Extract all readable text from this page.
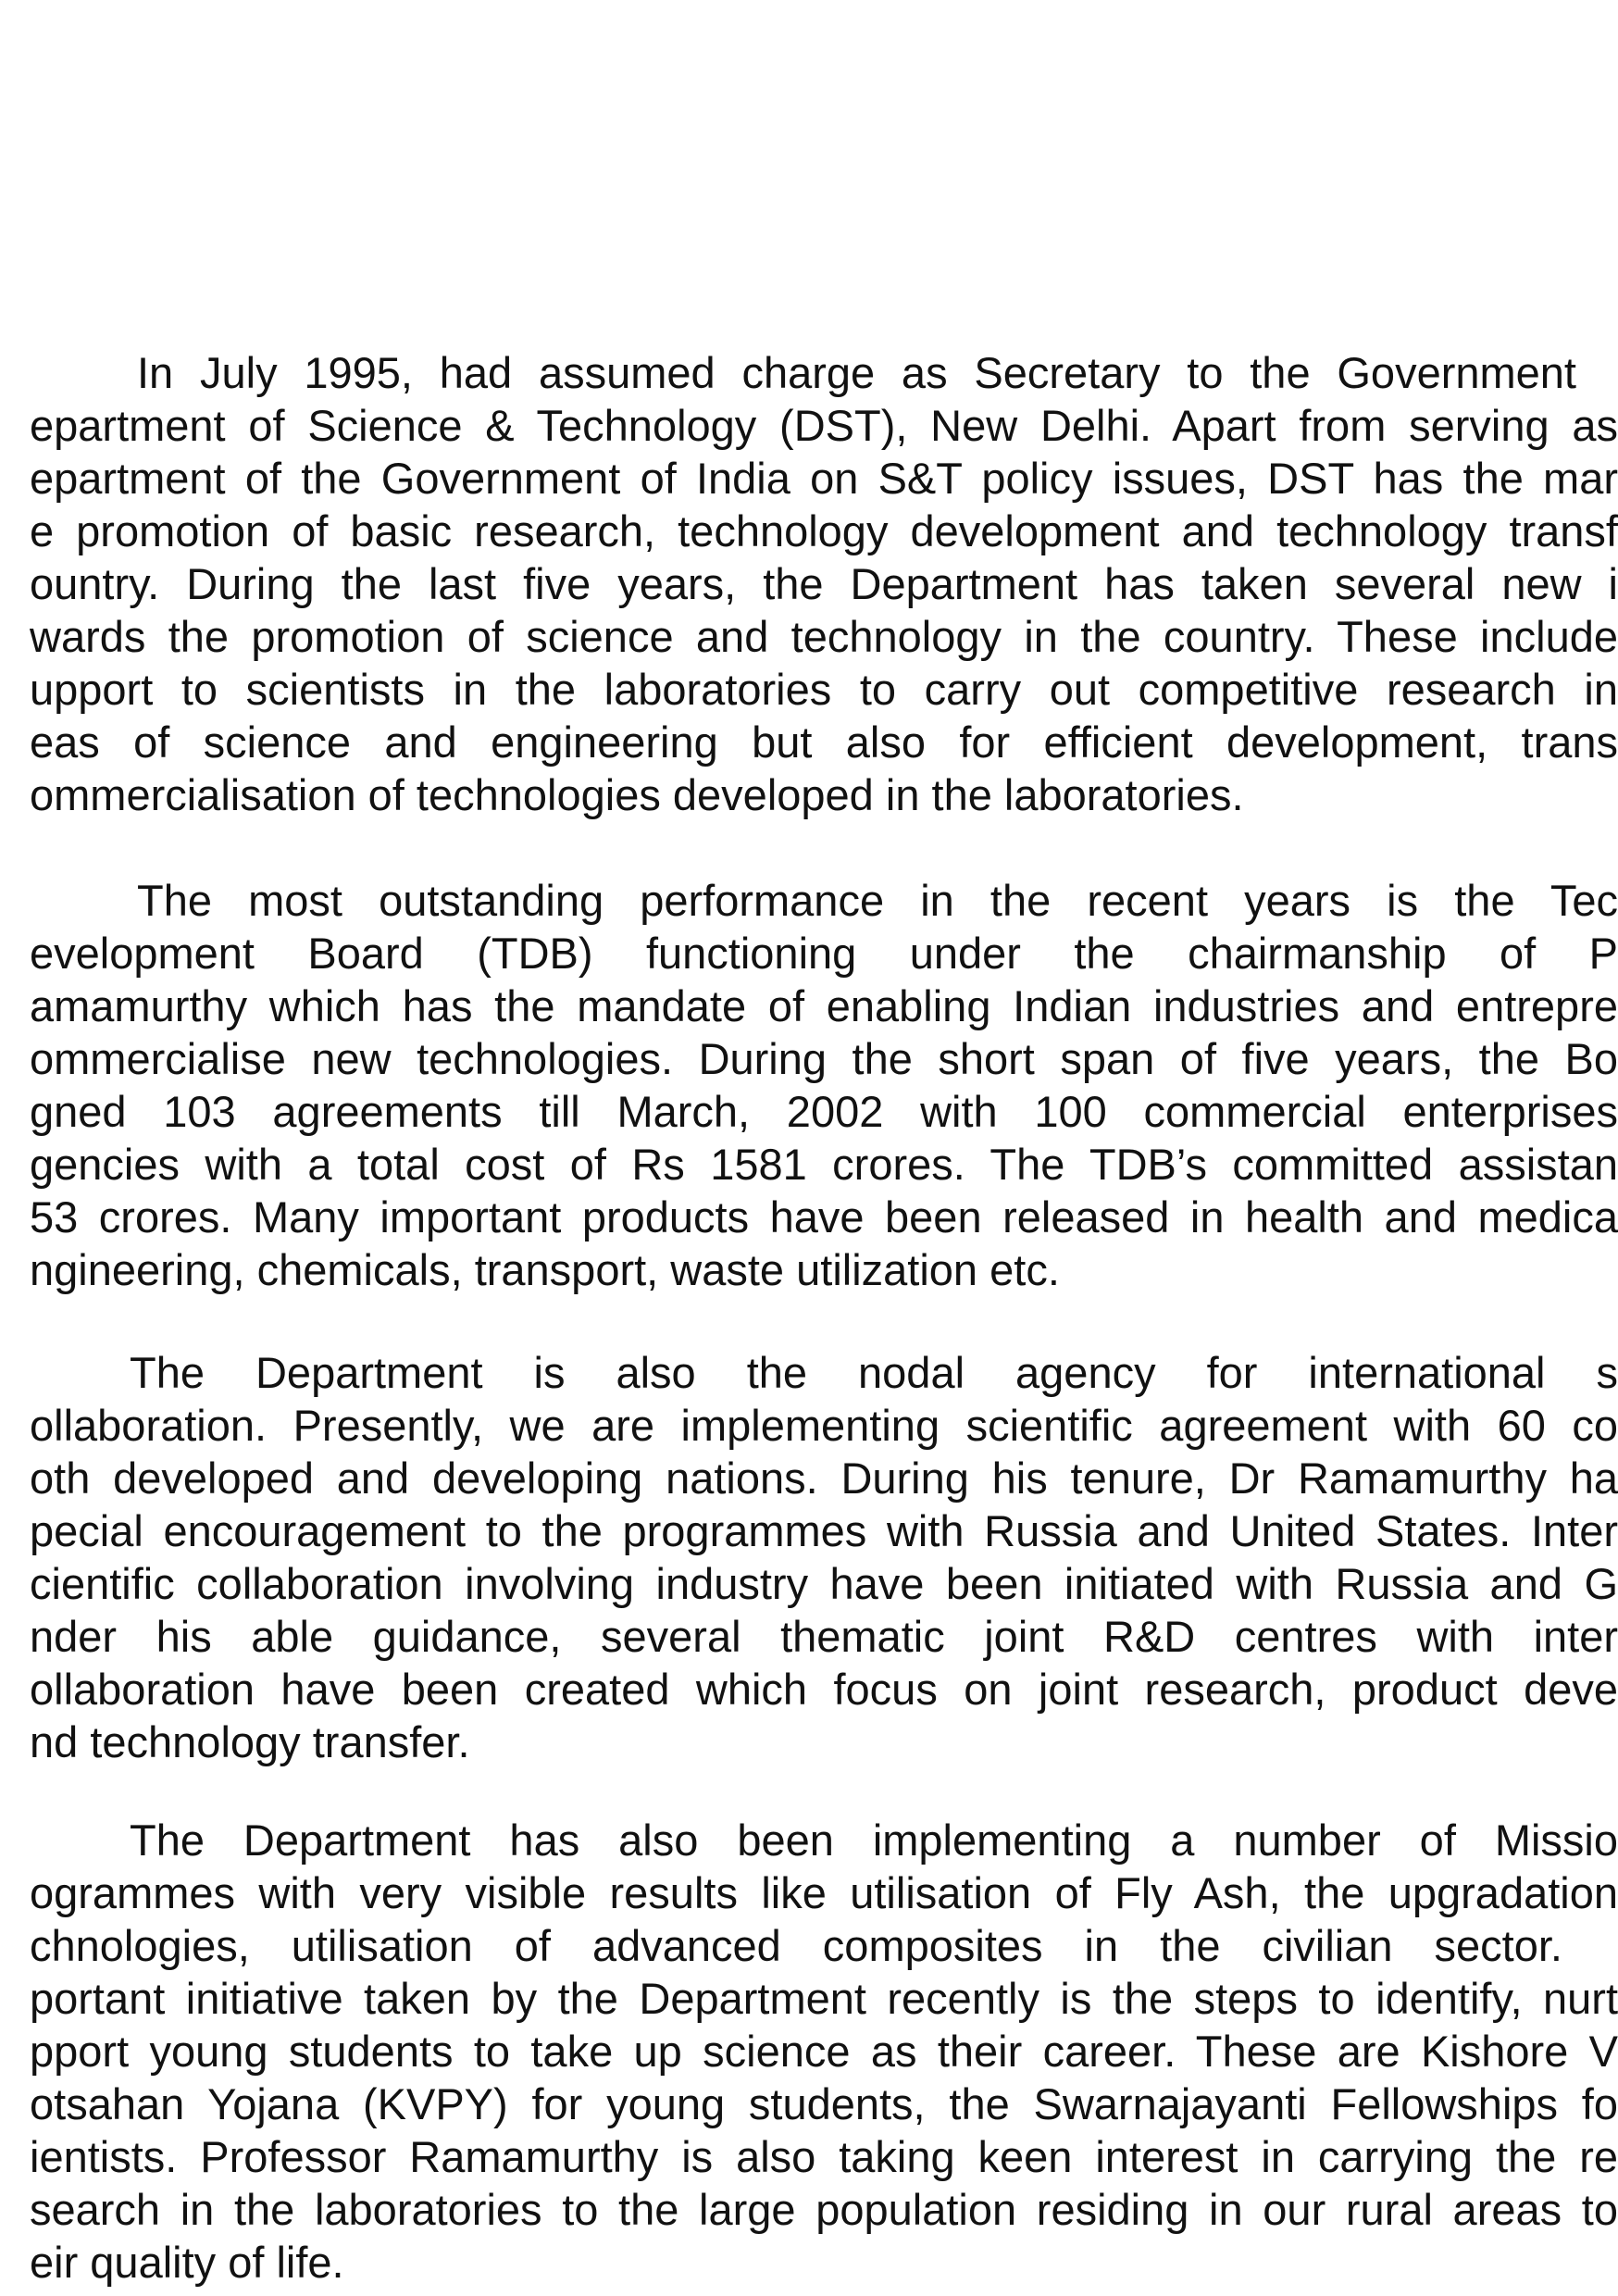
In July 1995, had assumed charge as Secretary to the Government
epartment of Science & Technology (DST), New Delhi. Apart from serving as
epartment of the Government of India on S&T policy issues, DST has the mar
e promotion of basic research, technology development and technology transf
ountry. During the last five years, the Department has taken several new i
wards the promotion of science and technology in the country. These include
upport to scientists in the laboratories to carry out competitive research in
eas of science and engineering but also for efficient development, trans
ommercialisation of technologies developed in the laboratories.
The most outstanding performance in the recent years is the Tec
evelopment Board (TDB) functioning under the chairmanship of P
amamurthy which has the mandate of enabling Indian industries and entrepre
ommercialise new technologies. During the short span of five years, the Bo
gned 103 agreements till March, 2002 with 100 commercial enterprises
gencies with a total cost of Rs 1581 crores. The TDB’s committed assistan
53 crores. Many important products have been released in health and medica
ngineering, chemicals, transport, waste utilization etc.
The Department is also the nodal agency for international s
ollaboration. Presently, we are implementing scientific agreement with 60 co
oth developed and developing nations. During his tenure, Dr Ramamurthy ha
pecial encouragement to the programmes with Russia and United States. Inter
cientific collaboration involving industry have been initiated with Russia and G
nder his able guidance, several thematic joint R&D centres with inter
ollaboration have been created which focus on joint research, product deve
nd technology transfer.
The Department has also been implementing a number of Missio
ogrammes with very visible results like utilisation of Fly Ash, the upgradation
chnologies, utilisation of advanced composites in the civilian sector.
portant initiative taken by the Department recently is the steps to identify, nurt
pport young students to take up science as their career. These are Kishore V
otsahan Yojana (KVPY) for young students, the Swarnajayanti Fellowships fo
ientists. Professor Ramamurthy is also taking keen interest in carrying the re
search in the laboratories to the large population residing in our rural areas to
eir quality of life.
